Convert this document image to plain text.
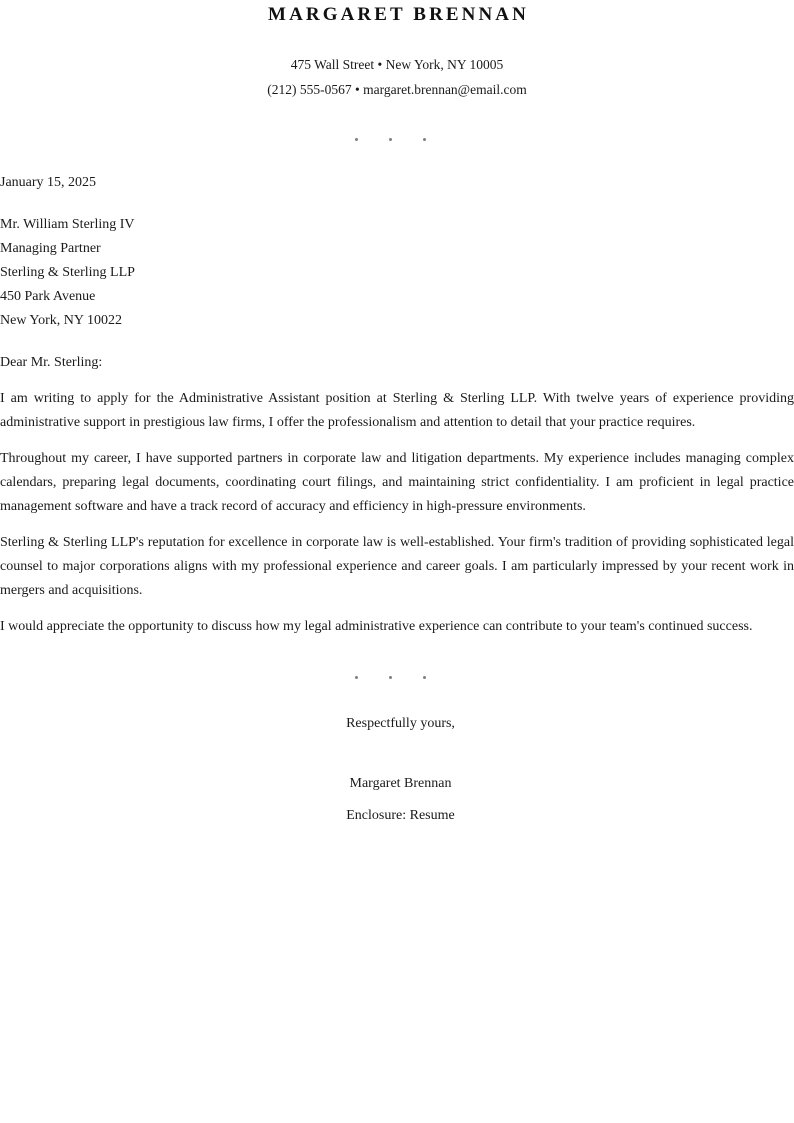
MARGARET BRENNAN

475 Wall Street • New York, NY 10005

(212) 555-0567 • margaret.brennan@email.com

January 15, 2025

Mr. William Sterling IV

Managing Partner

Sterling & Sterling LLP

450 Park Avenue

New York, NY 10022

Dear Mr. Sterling:

I am writing to apply for the Administrative Assistant position at Sterling & Sterling LLP. With twelve years of experience providing administrative support in prestigious law firms, I offer the professionalism and attention to detail that your practice requires.

Throughout my career, I have supported partners in corporate law and litigation departments. My experience includes managing complex calendars, preparing legal documents, coordinating court filings, and maintaining strict confidentiality. I am proficient in legal practice management software and have a track record of accuracy and efficiency in high-pressure environments.

Sterling & Sterling LLP's reputation for excellence in corporate law is well-established. Your firm's tradition of providing sophisticated legal counsel to major corporations aligns with my professional experience and career goals. I am particularly impressed by your recent work in mergers and acquisitions.

I would appreciate the opportunity to discuss how my legal administrative experience can contribute to your team's continued success.

Respectfully yours,

Margaret Brennan

Enclosure: Resume
